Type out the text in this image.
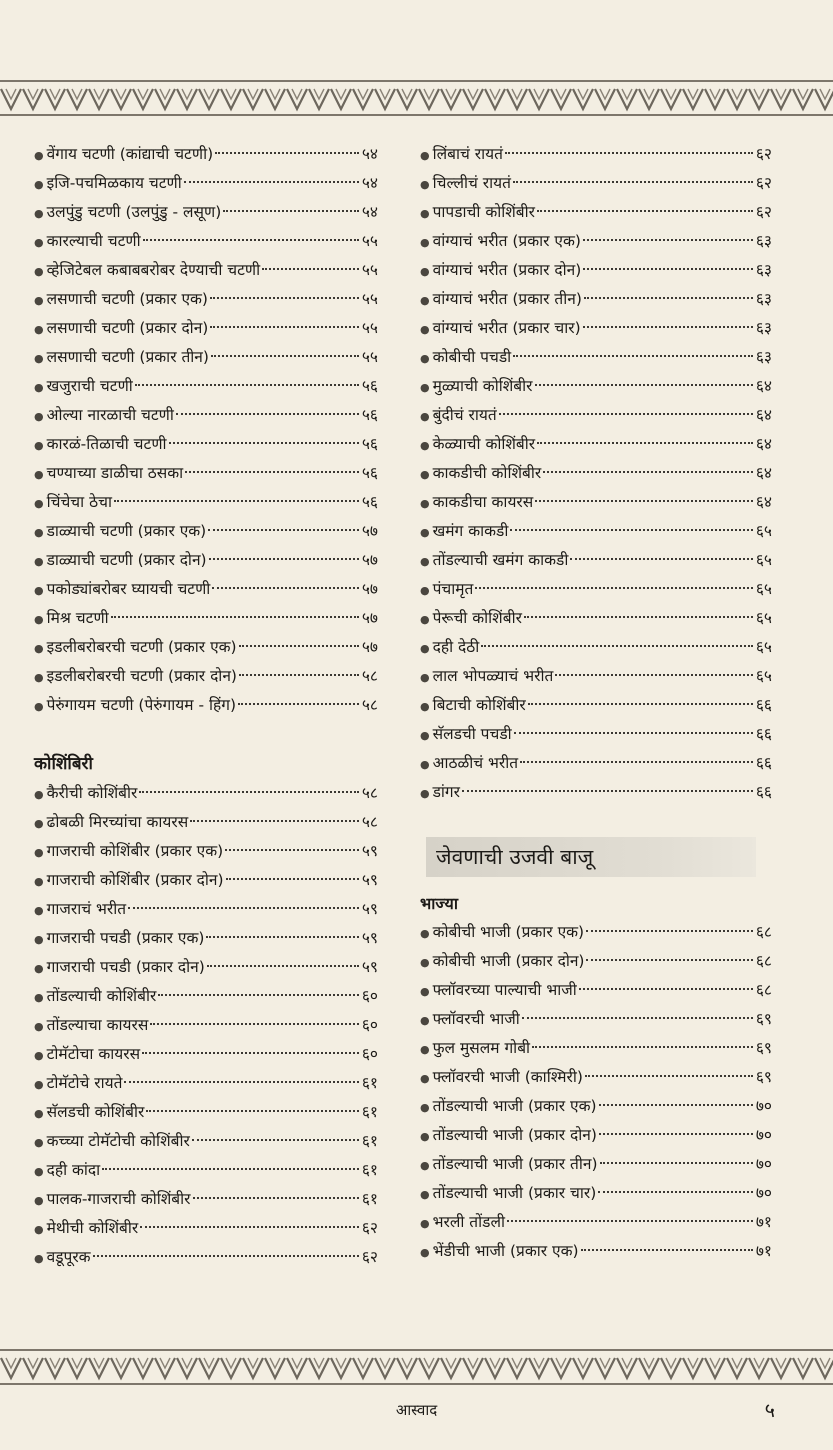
● वेंगाय चटणी (कांद्याची चटणी)	५४
● इजि-पचमिळकाय चटणी	५४
● उलपुंडु चटणी (उलपुंडु - लसूण)	५४
● कारल्याची चटणी	५५
● व्हेजिटेबल कबाबबरोबर देण्याची चटणी	५५
● लसणाची चटणी (प्रकार एक)	५५
● लसणाची चटणी (प्रकार दोन)	५५
● लसणाची चटणी (प्रकार तीन)	५५
● खजुराची चटणी	५६
● ओल्या नारळाची चटणी	५६
● कारळं-तिळाची चटणी	५६
● चण्याच्या डाळीचा ठसका	५६
● चिंचेचा ठेचा	५६
● डाळ्याची चटणी (प्रकार एक)	५७
● डाळ्याची चटणी (प्रकार दोन)	५७
● पकोड्यांबरोबर घ्यायची चटणी	५७
● मिश्र चटणी	५७
● इडलीबरोबरची चटणी (प्रकार एक)	५७
● इडलीबरोबरची चटणी (प्रकार दोन)	५८
● पेरुंगायम चटणी (पेरुंगायम - हिंग)	५८
कोशिंबिरी
● कैरीची कोशिंबीर	५८
● ढोबळी मिरच्यांचा कायरस	५८
● गाजराची कोशिंबीर (प्रकार एक)	५९
● गाजराची कोशिंबीर (प्रकार दोन)	५९
● गाजराचं भरीत	५९
● गाजराची पचडी (प्रकार एक)	५९
● गाजराची पचडी (प्रकार दोन)	५९
● तोंडल्याची कोशिंबीर	६०
● तोंडल्याचा कायरस	६०
● टोमॅटोचा कायरस	६०
● टोमॅटोचे रायते	६१
● सॅलडची कोशिंबीर	६१
● कच्च्या टोमॅटोची कोशिंबीर	६१
● दही कांदा	६१
● पालक-गाजराची कोशिंबीर	६१
● मेथीची कोशिंबीर	६२
● वडूपूरक	६२
● लिंबाचं रायतं	६२
● चिल्लीचं रायतं	६२
● पापडाची कोशिंबीर	६२
● वांग्याचं भरीत (प्रकार एक)	६३
● वांग्याचं भरीत (प्रकार दोन)	६३
● वांग्याचं भरीत (प्रकार तीन)	६३
● वांग्याचं भरीत (प्रकार चार)	६३
● कोबीची पचडी	६३
● मुळ्याची कोशिंबीर	६४
● बुंदीचं रायतं	६४
● केळ्याची कोशिंबीर	६४
● काकडीची कोशिंबीर	६४
● काकडीचा कायरस	६४
● खमंग काकडी	६५
● तोंडल्याची खमंग काकडी	६५
● पंचामृत	६५
● पेरूची कोशिंबीर	६५
● दही देठी	६५
● लाल भोपळ्याचं भरीत	६५
● बिटाची कोशिंबीर	६६
● सॅलडची पचडी	६६
● आठळीचं भरीत	६६
● डांगर	६६
जेवणाची उजवी बाजू
भाज्या
● कोबीची भाजी (प्रकार एक)	६८
● कोबीची भाजी (प्रकार दोन)	६८
● फ्लॉवरच्या पाल्याची भाजी	६८
● फ्लॉवरची भाजी	६९
● फुल मुसलम गोबी	६९
● फ्लॉवरची भाजी (काश्मिरी)	६९
● तोंडल्याची भाजी (प्रकार एक)	७०
● तोंडल्याची भाजी (प्रकार दोन)	७०
● तोंडल्याची भाजी (प्रकार तीन)	७०
● तोंडल्याची भाजी (प्रकार चार)	७०
● भरली तोंडली	७१
● भेंडीची भाजी (प्रकार एक)	७१
आस्वाद	५
